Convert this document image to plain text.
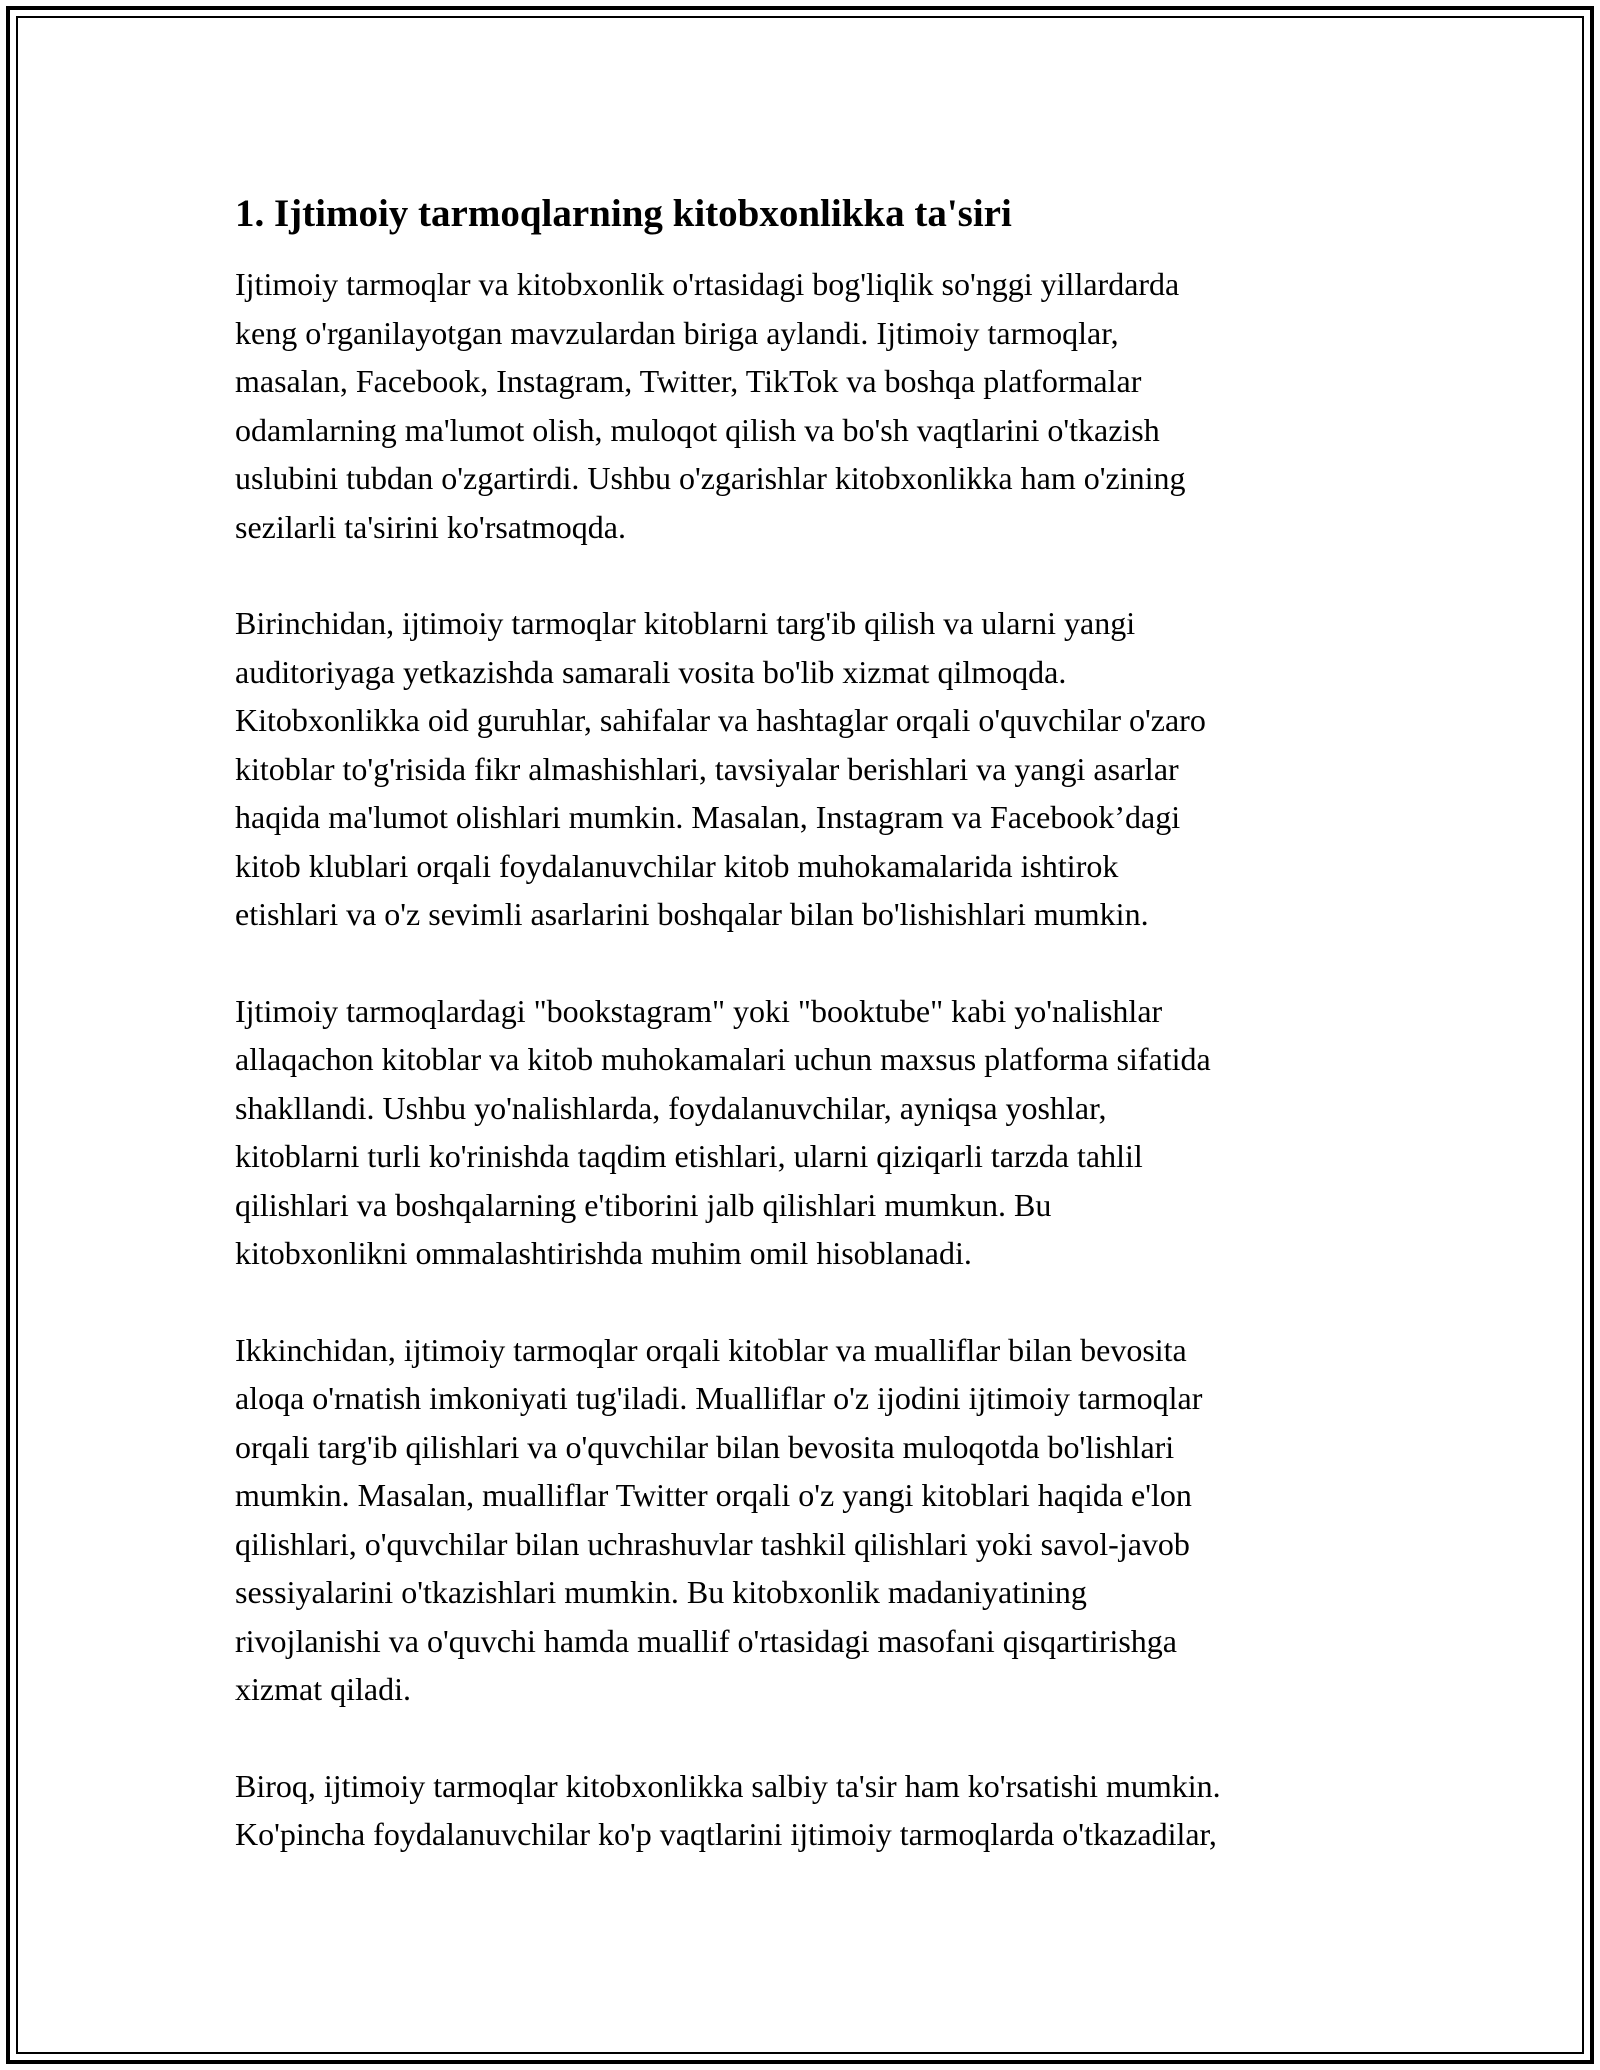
1. Ijtimoiy tarmoqlarning kitobxonlikka ta'siri

Ijtimoiy tarmoqlar va kitobxonlik o'rtasidagi bog'liqlik so'nggi yillardarda
keng o'rganilayotgan mavzulardan biriga aylandi. Ijtimoiy tarmoqlar,
masalan, Facebook, Instagram, Twitter, TikTok va boshqa platformalar
odamlarning ma'lumot olish, muloqot qilish va bo'sh vaqtlarini o'tkazish
uslubini tubdan o'zgartirdi. Ushbu o'zgarishlar kitobxonlikka ham o'zining
sezilarli ta'sirini ko'rsatmoqda.

Birinchidan, ijtimoiy tarmoqlar kitoblarni targ'ib qilish va ularni yangi
auditoriyaga yetkazishda samarali vosita bo'lib xizmat qilmoqda.
Kitobxonlikka oid guruhlar, sahifalar va hashtaglar orqali o'quvchilar o'zaro
kitoblar to'g'risida fikr almashishlari, tavsiyalar berishlari va yangi asarlar
haqida ma'lumot olishlari mumkin. Masalan, Instagram va Facebook’dagi
kitob klublari orqali foydalanuvchilar kitob muhokamalarida ishtirok
etishlari va o'z sevimli asarlarini boshqalar bilan bo'lishishlari mumkin.

Ijtimoiy tarmoqlardagi "bookstagram" yoki "booktube" kabi yo'nalishlar
allaqachon kitoblar va kitob muhokamalari uchun maxsus platforma sifatida
shakllandi. Ushbu yo'nalishlarda, foydalanuvchilar, ayniqsa yoshlar,
kitoblarni turli ko'rinishda taqdim etishlari, ularni qiziqarli tarzda tahlil
qilishlari va boshqalarning e'tiborini jalb qilishlari mumkun. Bu
kitobxonlikni ommalashtirishda muhim omil hisoblanadi.

Ikkinchidan, ijtimoiy tarmoqlar orqali kitoblar va mualliflar bilan bevosita
aloqa o'rnatish imkoniyati tug'iladi. Mualliflar o'z ijodini ijtimoiy tarmoqlar
orqali targ'ib qilishlari va o'quvchilar bilan bevosita muloqotda bo'lishlari
mumkin. Masalan, mualliflar Twitter orqali o'z yangi kitoblari haqida e'lon
qilishlari, o'quvchilar bilan uchrashuvlar tashkil qilishlari yoki savol-javob
sessiyalarini o'tkazishlari mumkin. Bu kitobxonlik madaniyatining
rivojlanishi va o'quvchi hamda muallif o'rtasidagi masofani qisqartirishga
xizmat qiladi.

Biroq, ijtimoiy tarmoqlar kitobxonlikka salbiy ta'sir ham ko'rsatishi mumkin.
Ko'pincha foydalanuvchilar ko'p vaqtlarini ijtimoiy tarmoqlarda o'tkazadilar,
